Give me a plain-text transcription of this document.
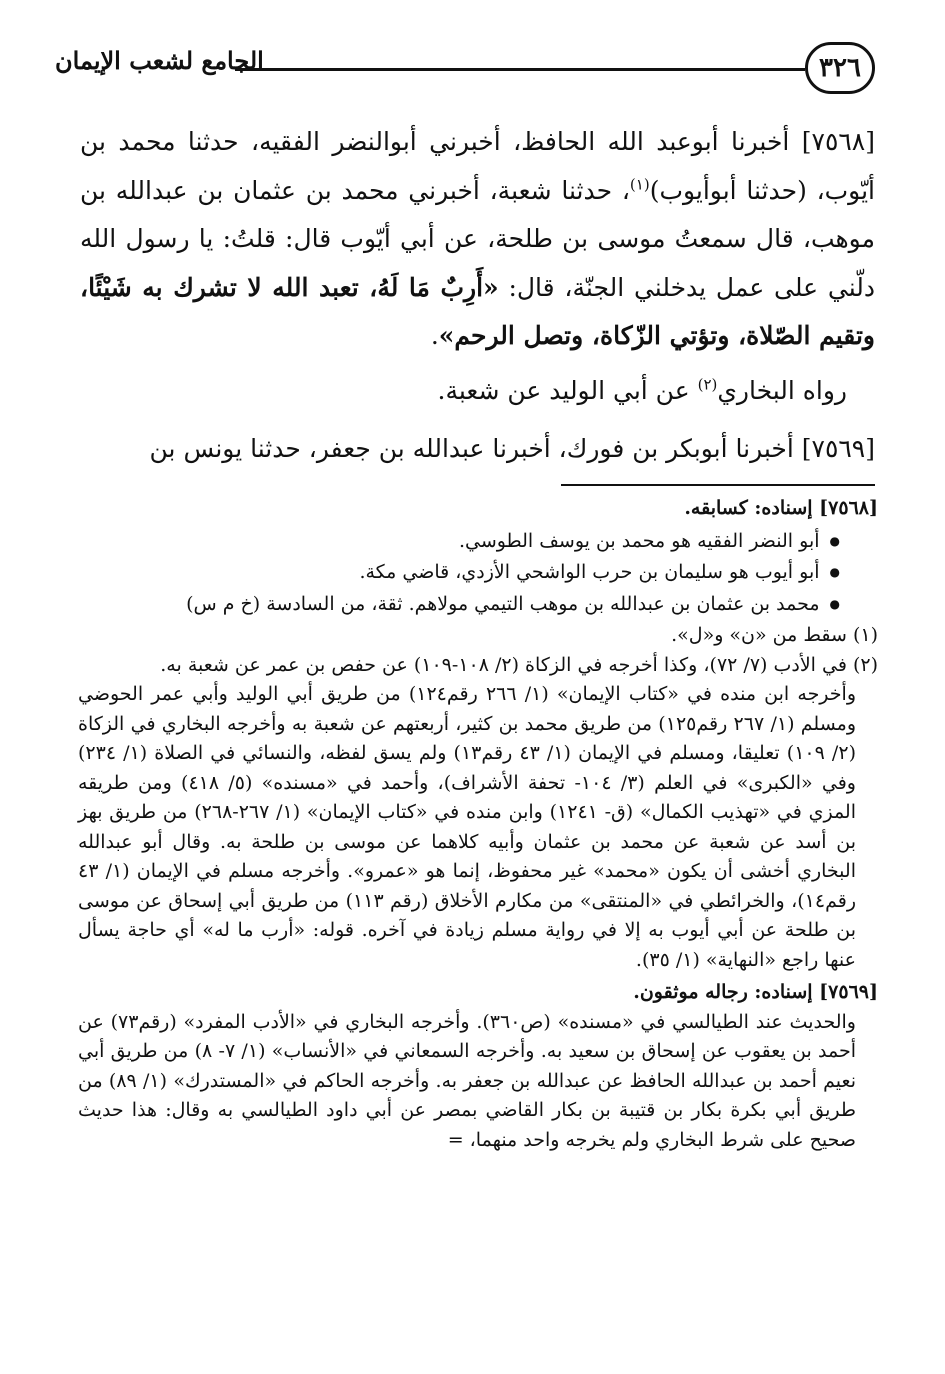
٣٢٦
الجامع لشعب الإيمان

[٧٥٦٨] أخبرنا أبوعبد الله الحافظ، أخبرني أبوالنضر الفقيه، حدثنا محمد بن أيّوب، (حدثنا أبوأيوب)$^{(١)}$، حدثنا شعبة، أخبرني محمد بن عثمان بن عبدالله بن موهب، قال سمعتُ موسى بن طلحة، عن أبي أيّوب قال: قلتُ: يا رسول الله دلّني على عمل يدخلني الجنّة، قال: «أَرِبٌ مَا لَهُ، تعبد الله لا تشرك به شَيْئًا، وتقيم الصّلاة، وتؤتي الزّكاة، وتصل الرحم».

رواه البخاري$^{(٢)}$ عن أبي الوليد عن شعبة.

[٧٥٦٩] أخبرنا أبوبكر بن فورك، أخبرنا عبدالله بن جعفر، حدثنا يونس بن

[٧٥٦٨] إسناده: كسابقه.

● أبو النضر الفقيه هو محمد بن يوسف الطوسي.

● أبو أيوب هو سليمان بن حرب الواشحي الأزدي، قاضي مكة.

● محمد بن عثمان بن عبدالله بن موهب التيمي مولاهم. ثقة، من السادسة (خ م س)

(١) سقط من «ن» و«ل».

(٢) في الأدب (٧/ ٧٢)، وكذا أخرجه في الزكاة (٢/ ١٠٨-١٠٩) عن حفص بن عمر عن شعبة به.

وأخرجه ابن منده في «كتاب الإيمان» (١/ ٢٦٦ رقم١٢٤) من طريق أبي الوليد وأبي عمر الحوضي ومسلم (١/ ٢٦٧ رقم١٢٥) من طريق محمد بن كثير، أربعتهم عن شعبة به وأخرجه البخاري في الزكاة (٢/ ١٠٩) تعليقا، ومسلم في الإيمان (١/ ٤٣ رقم١٣) ولم يسق لفظه، والنسائي في الصلاة (١/ ٢٣٤) وفي «الكبرى» في العلم (٣/ ١٠٤- تحفة الأشراف)، وأحمد في «مسنده» (٥/ ٤١٨) ومن طريقه المزي في «تهذيب الكمال» (ق- ١٢٤١) وابن منده في «كتاب الإيمان» (١/ ٢٦٧-٢٦٨) من طريق بهز بن أسد عن شعبة عن محمد بن عثمان وأبيه كلاهما عن موسى بن طلحة به. وقال أبو عبدالله البخاري أخشى أن يكون «محمد» غير محفوظ، إنما هو «عمرو». وأخرجه مسلم في الإيمان (١/ ٤٣ رقم١٤)، والخرائطي في «المنتقى» من مكارم الأخلاق (رقم ١١٣) من طريق أبي إسحاق عن موسى بن طلحة عن أبي أيوب به إلا في رواية مسلم زيادة في آخره. قوله: «أرب ما له» أي حاجة يسأل عنها راجع «النهاية» (١/ ٣٥).

[٧٥٦٩] إسناده: رجاله موثقون.

والحديث عند الطيالسي في «مسنده» (ص٣٦٠). وأخرجه البخاري في «الأدب المفرد» (رقم٧٣) عن أحمد بن يعقوب عن إسحاق بن سعيد به. وأخرجه السمعاني في «الأنساب» (١/ ٧- ٨) من طريق أبي نعيم أحمد بن عبدالله الحافظ عن عبدالله بن جعفر به. وأخرجه الحاكم في «المستدرك» (١/ ٨٩) من طريق أبي بكرة بكار بن قتيبة بن بكار القاضي بمصر عن أبي داود الطيالسي به وقال: هذا حديث صحيح على شرط البخاري ولم يخرجه واحد منهما، =
